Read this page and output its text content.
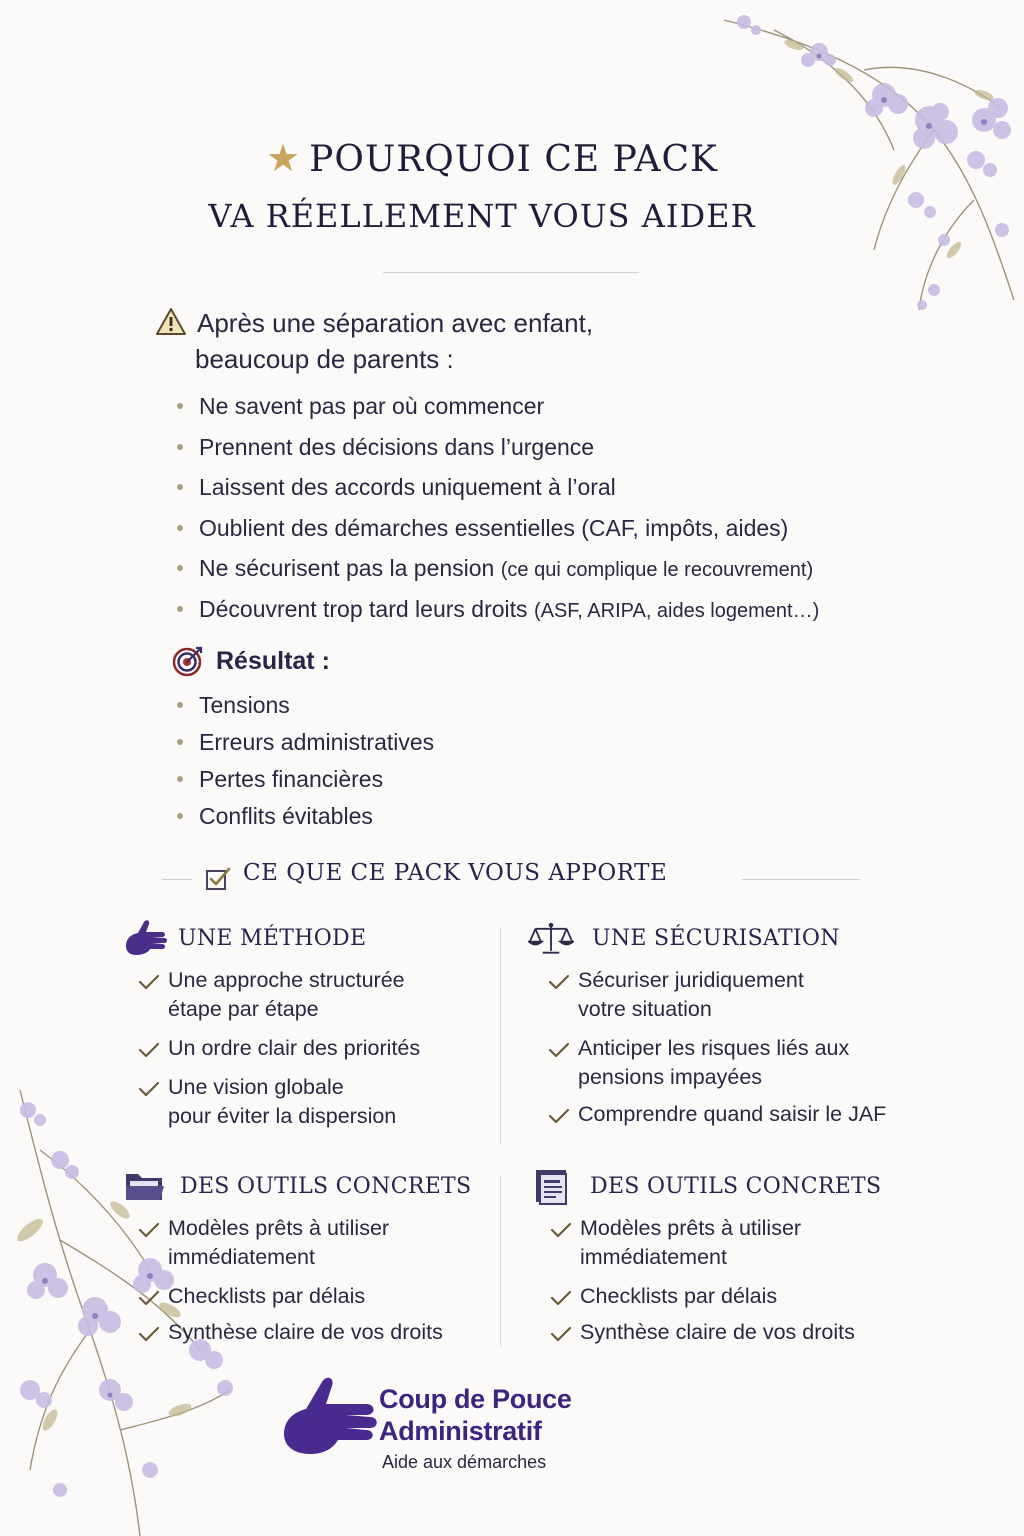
★ POURQUOI CE PACK
VA RÉELLEMENT VOUS AIDER
Après une séparation avec enfant,
beaucoup de parents :
Ne savent pas par où commencer
Prennent des décisions dans l’urgence
Laissent des accords uniquement à l’oral
Oublient des démarches essentielles (CAF, impôts, aides)
Ne sécurisent pas la pension (ce qui complique le recouvrement)
Découvrent trop tard leurs droits (ASF, ARIPA, aides logement…)
Résultat :
Tensions
Erreurs administratives
Pertes financières
Conflits évitables
CE QUE CE PACK VOUS APPORTE
UNE MÉTHODE
Une approche structurée
étape par étape
Un ordre clair des priorités
Une vision globale
pour éviter la dispersion
UNE SÉCURISATION
Sécuriser juridiquement
votre situation
Anticiper les risques liés aux
pensions impayées
Comprendre quand saisir le JAF
DES OUTILS CONCRETS
Modèles prêts à utiliser
immédiatement
Checklists par délais
Synthèse claire de vos droits
DES OUTILS CONCRETS
Modèles prêts à utiliser
immédiatement
Checklists par délais
Synthèse claire de vos droits
Coup de Pouce
Administratif
Aide aux démarches
